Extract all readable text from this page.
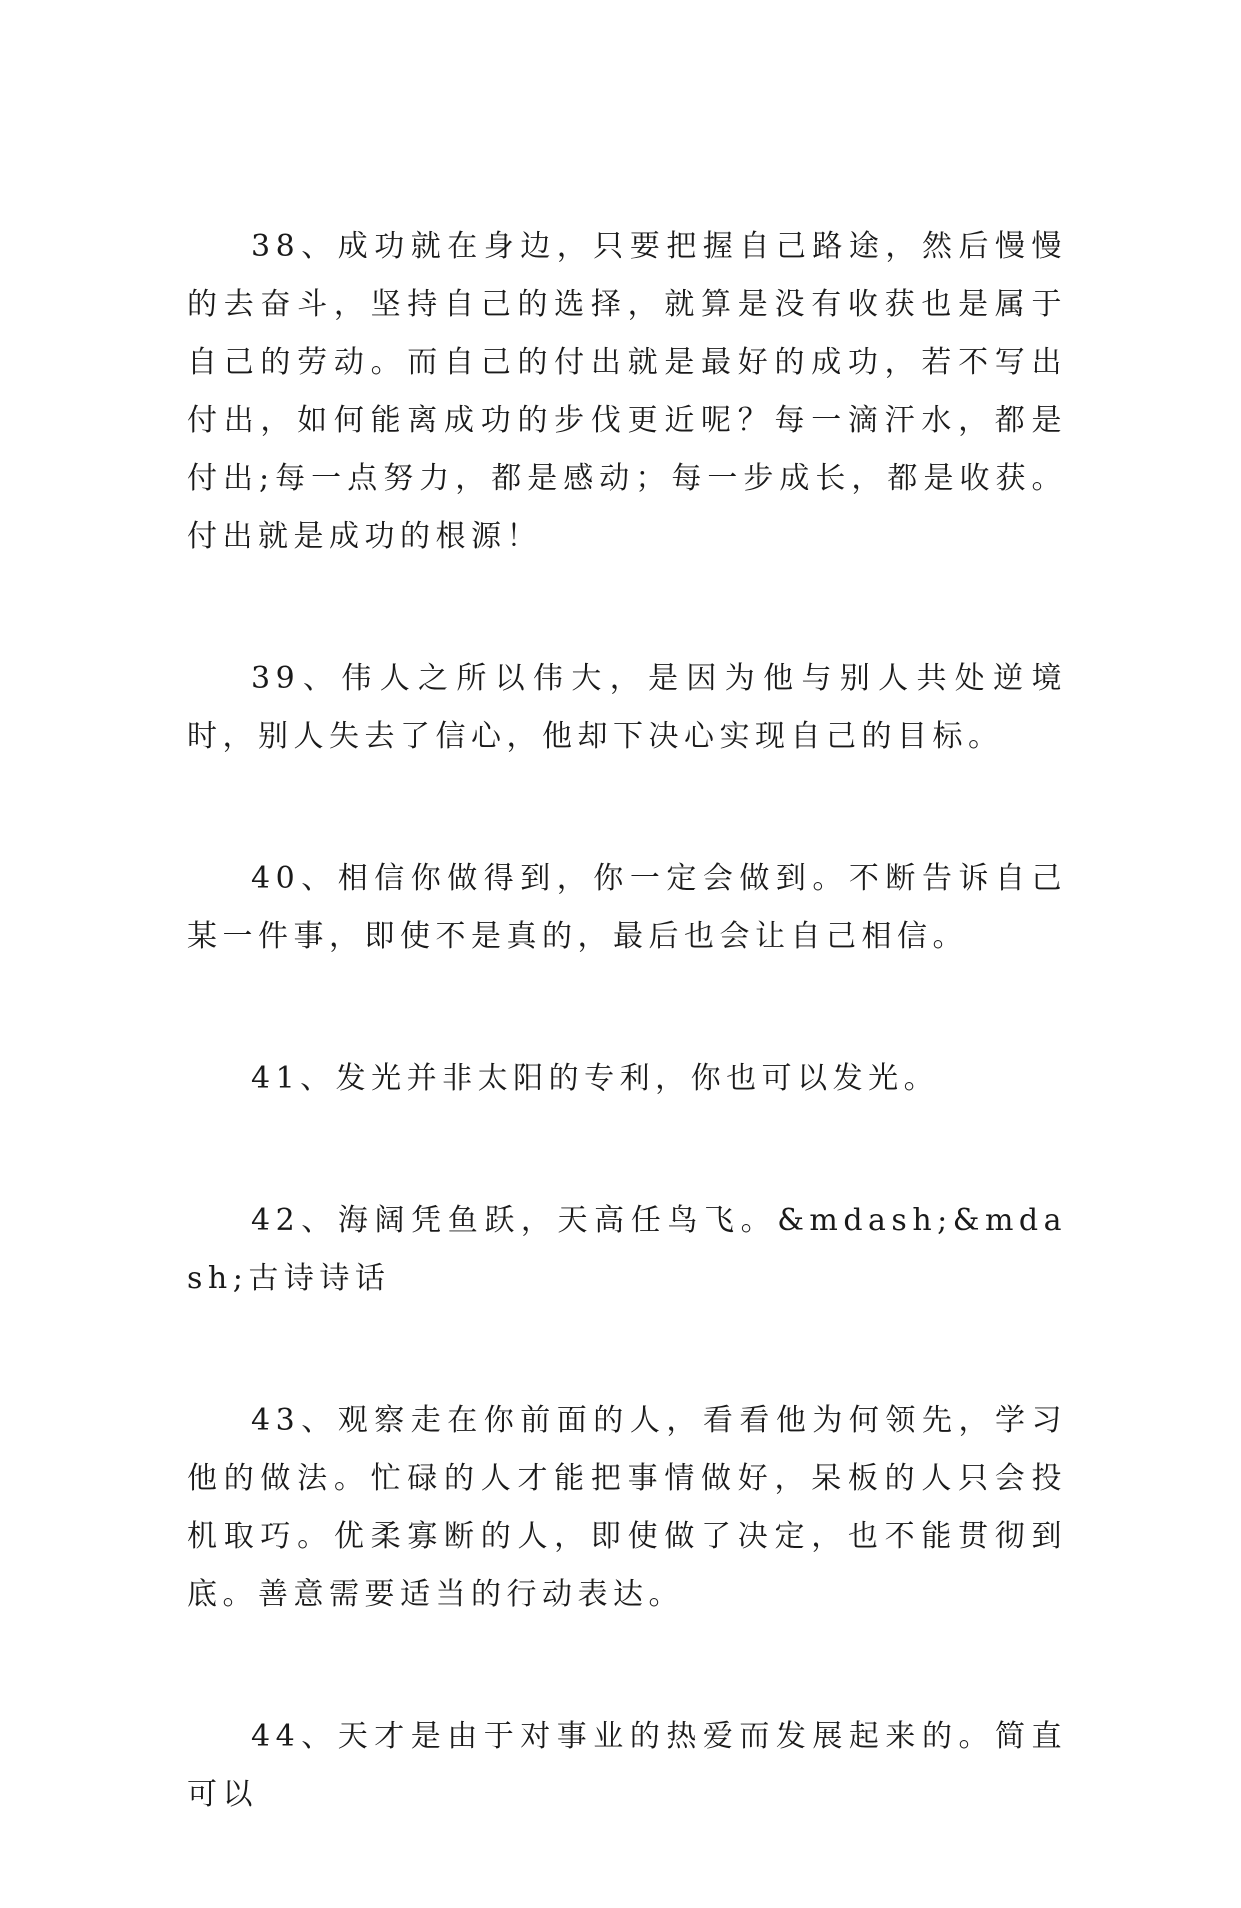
38、成功就在身边，只要把握自己路途，然后慢慢的去奋斗，坚持自己的选择，就算是没有收获也是属于自己的劳动。而自己的付出就是最好的成功，若不写出付出，如何能离成功的步伐更近呢？每一滴汗水，都是付出;每一点努力，都是感动；每一步成长，都是收获。付出就是成功的根源！

39、伟人之所以伟大，是因为他与别人共处逆境时，别人失去了信心，他却下决心实现自己的目标。

40、相信你做得到，你一定会做到。不断告诉自己某一件事，即使不是真的，最后也会让自己相信。

41、发光并非太阳的专利，你也可以发光。

42、海阔凭鱼跃，天高任鸟飞。&mdash;&mdash;古诗诗话

43、观察走在你前面的人，看看他为何领先，学习他的做法。忙碌的人才能把事情做好，呆板的人只会投机取巧。优柔寡断的人，即使做了决定，也不能贯彻到底。善意需要适当的行动表达。

44、天才是由于对事业的热爱而发展起来的。简直可以
